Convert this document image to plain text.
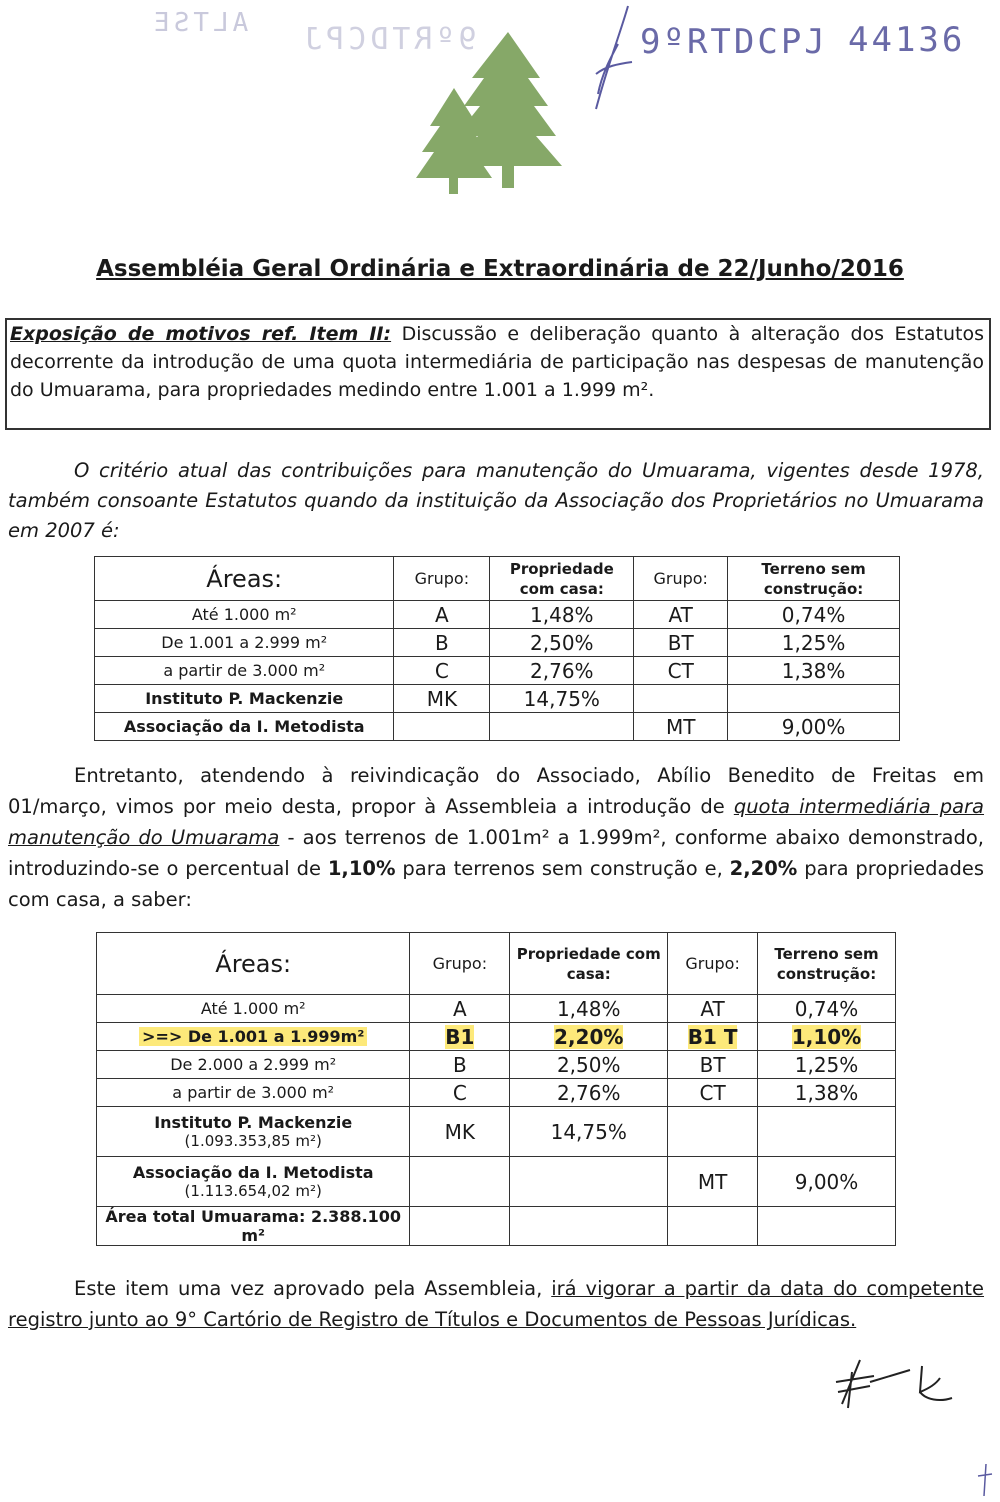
ALTSE 9ºRTDCPJ	9ºRTDCPJ 44136
Assembléia Geral Ordinária e Extraordinária de 22/Junho/2016
Exposição de motivos ref. Item II: Discussão e deliberação quanto à alteração dos Estatutos decorrente da introdução de uma quota intermediária de participação nas despesas de manutenção do Umuarama, para propriedades medindo entre 1.001 a 1.999 m².
O critério atual das contribuições para manutenção do Umuarama, vigentes desde 1978, também consoante Estatutos quando da instituição da Associação dos Proprietários no Umuarama em 2007 é:
Áreas:	Grupo:	Propriedade com casa:	Grupo:	Terreno sem construção:
Até 1.000 m²	A	1,48%	AT	0,74%
De 1.001 a 2.999 m²	B	2,50%	BT	1,25%
a partir de 3.000 m²	C	2,76%	CT	1,38%
Instituto P. Mackenzie	MK	14,75%		
Associação da I. Metodista			MT	9,00%
Entretanto, atendendo à reivindicação do Associado, Abílio Benedito de Freitas em 01/março, vimos por meio desta, propor à Assembleia a introdução de quota intermediária para manutenção do Umuarama - aos terrenos de 1.001m² a 1.999m², conforme abaixo demonstrado, introduzindo-se o percentual de 1,10% para terrenos sem construção e, 2,20% para propriedades com casa, a saber:
Áreas:	Grupo:	Propriedade com casa:	Grupo:	Terreno sem construção:
Até 1.000 m²	A	1,48%	AT	0,74%
>=> De 1.001 a 1.999m²	B1	2,20%	B1 T	1,10%
De 2.000 a 2.999 m²	B	2,50%	BT	1,25%
a partir de 3.000 m²	C	2,76%	CT	1,38%

Instituto P. Mackenzie
(1.093.353,85 m²)	MK	14,75%		

Associação da I. Metodista
(1.113.654,02 m²)			MT	9,00%
Área total Umuarama: 2.388.100 m²				
Este item uma vez aprovado pela Assembleia, irá vigorar a partir da data do competente registro junto ao 9° Cartório de Registro de Títulos e Documentos de Pessoas Jurídicas.
